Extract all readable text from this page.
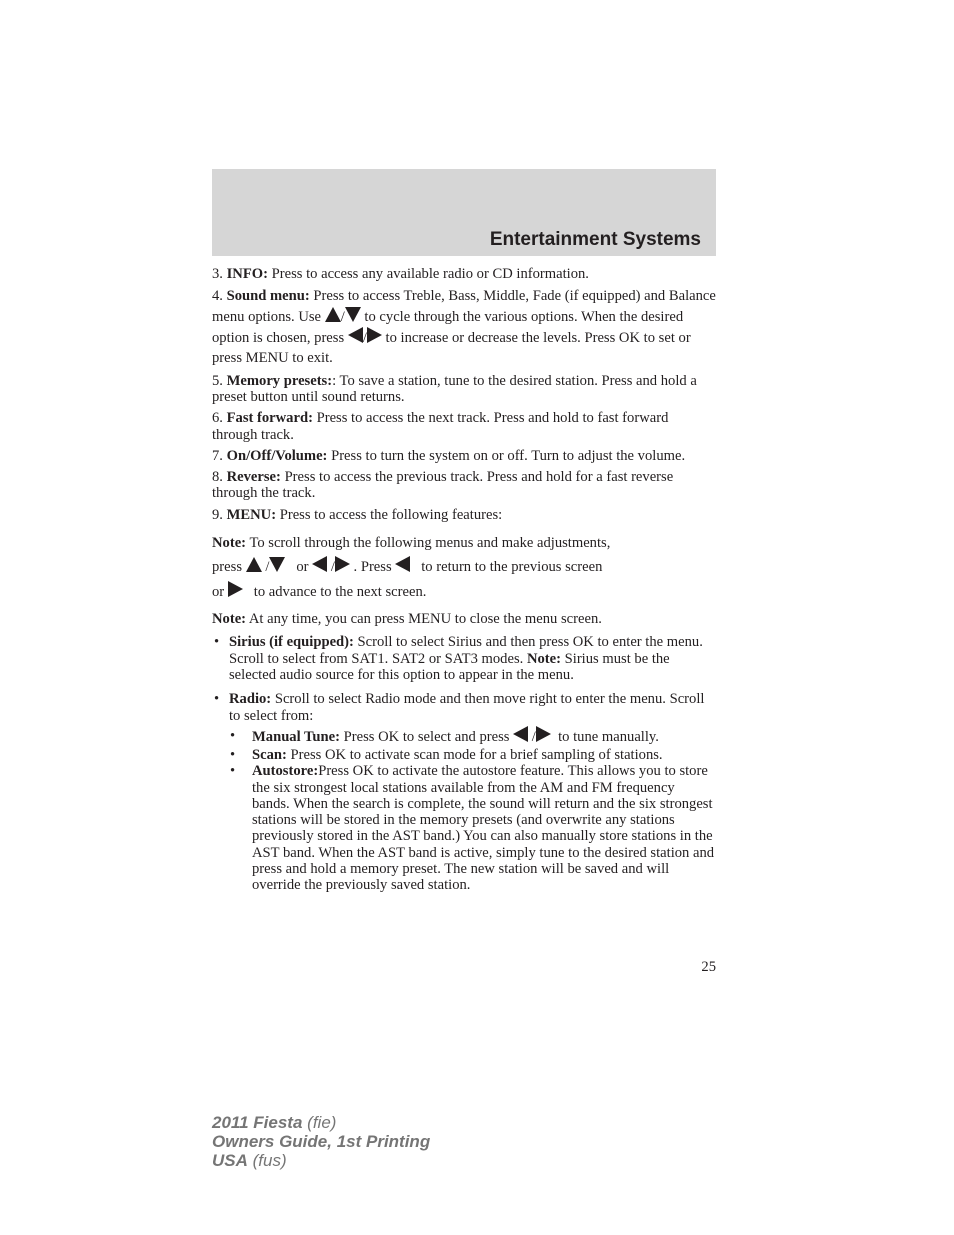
Entertainment Systems

3. INFO: Press to access any available radio or CD information.

4. Sound menu: Press to access Treble, Bass, Middle, Fade (if equipped) and Balance menu options. Use / to cycle through the various options. When the desired option is chosen, press / to increase or decrease the levels. Press OK to set or press MENU to exit.

5. Memory presets:: To save a station, tune to the desired station. Press and hold a preset button until sound returns.

6. Fast forward: Press to access the next track. Press and hold to fast forward through track.

7. On/Off/Volume: Press to turn the system on or off. Turn to adjust the volume.

8. Reverse: Press to access the previous track. Press and hold for a fast reverse through the track.

9. MENU: Press to access the following features:

Note: To scroll through the following menus and make adjustments,
press / or / . Press to return to the previous screen
or to advance to the next screen.

Note: At any time, you can press MENU to close the menu screen.

• Sirius (if equipped): Scroll to select Sirius and then press OK to enter the menu. Scroll to select from SAT1. SAT2 or SAT3 modes. Note: Sirius must be the selected audio source for this option to appear in the menu.
• Radio: Scroll to select Radio mode and then move right to enter the menu. Scroll to select from:
• Manual Tune: Press OK to select and press / to tune manually.
• Scan: Press OK to activate scan mode for a brief sampling of stations.
• Autostore:Press OK to activate the autostore feature. This allows you to store the six strongest local stations available from the AM and FM frequency bands. When the search is complete, the sound will return and the six strongest stations will be stored in the memory presets (and overwrite any stations previously stored in the AST band.) You can also manually store stations in the AST band. When the AST band is active, simply tune to the desired station and press and hold a memory preset. The new station will be saved and will override the previously saved station.
25
2011 Fiesta (fie)
Owners Guide, 1st Printing
USA (fus)
